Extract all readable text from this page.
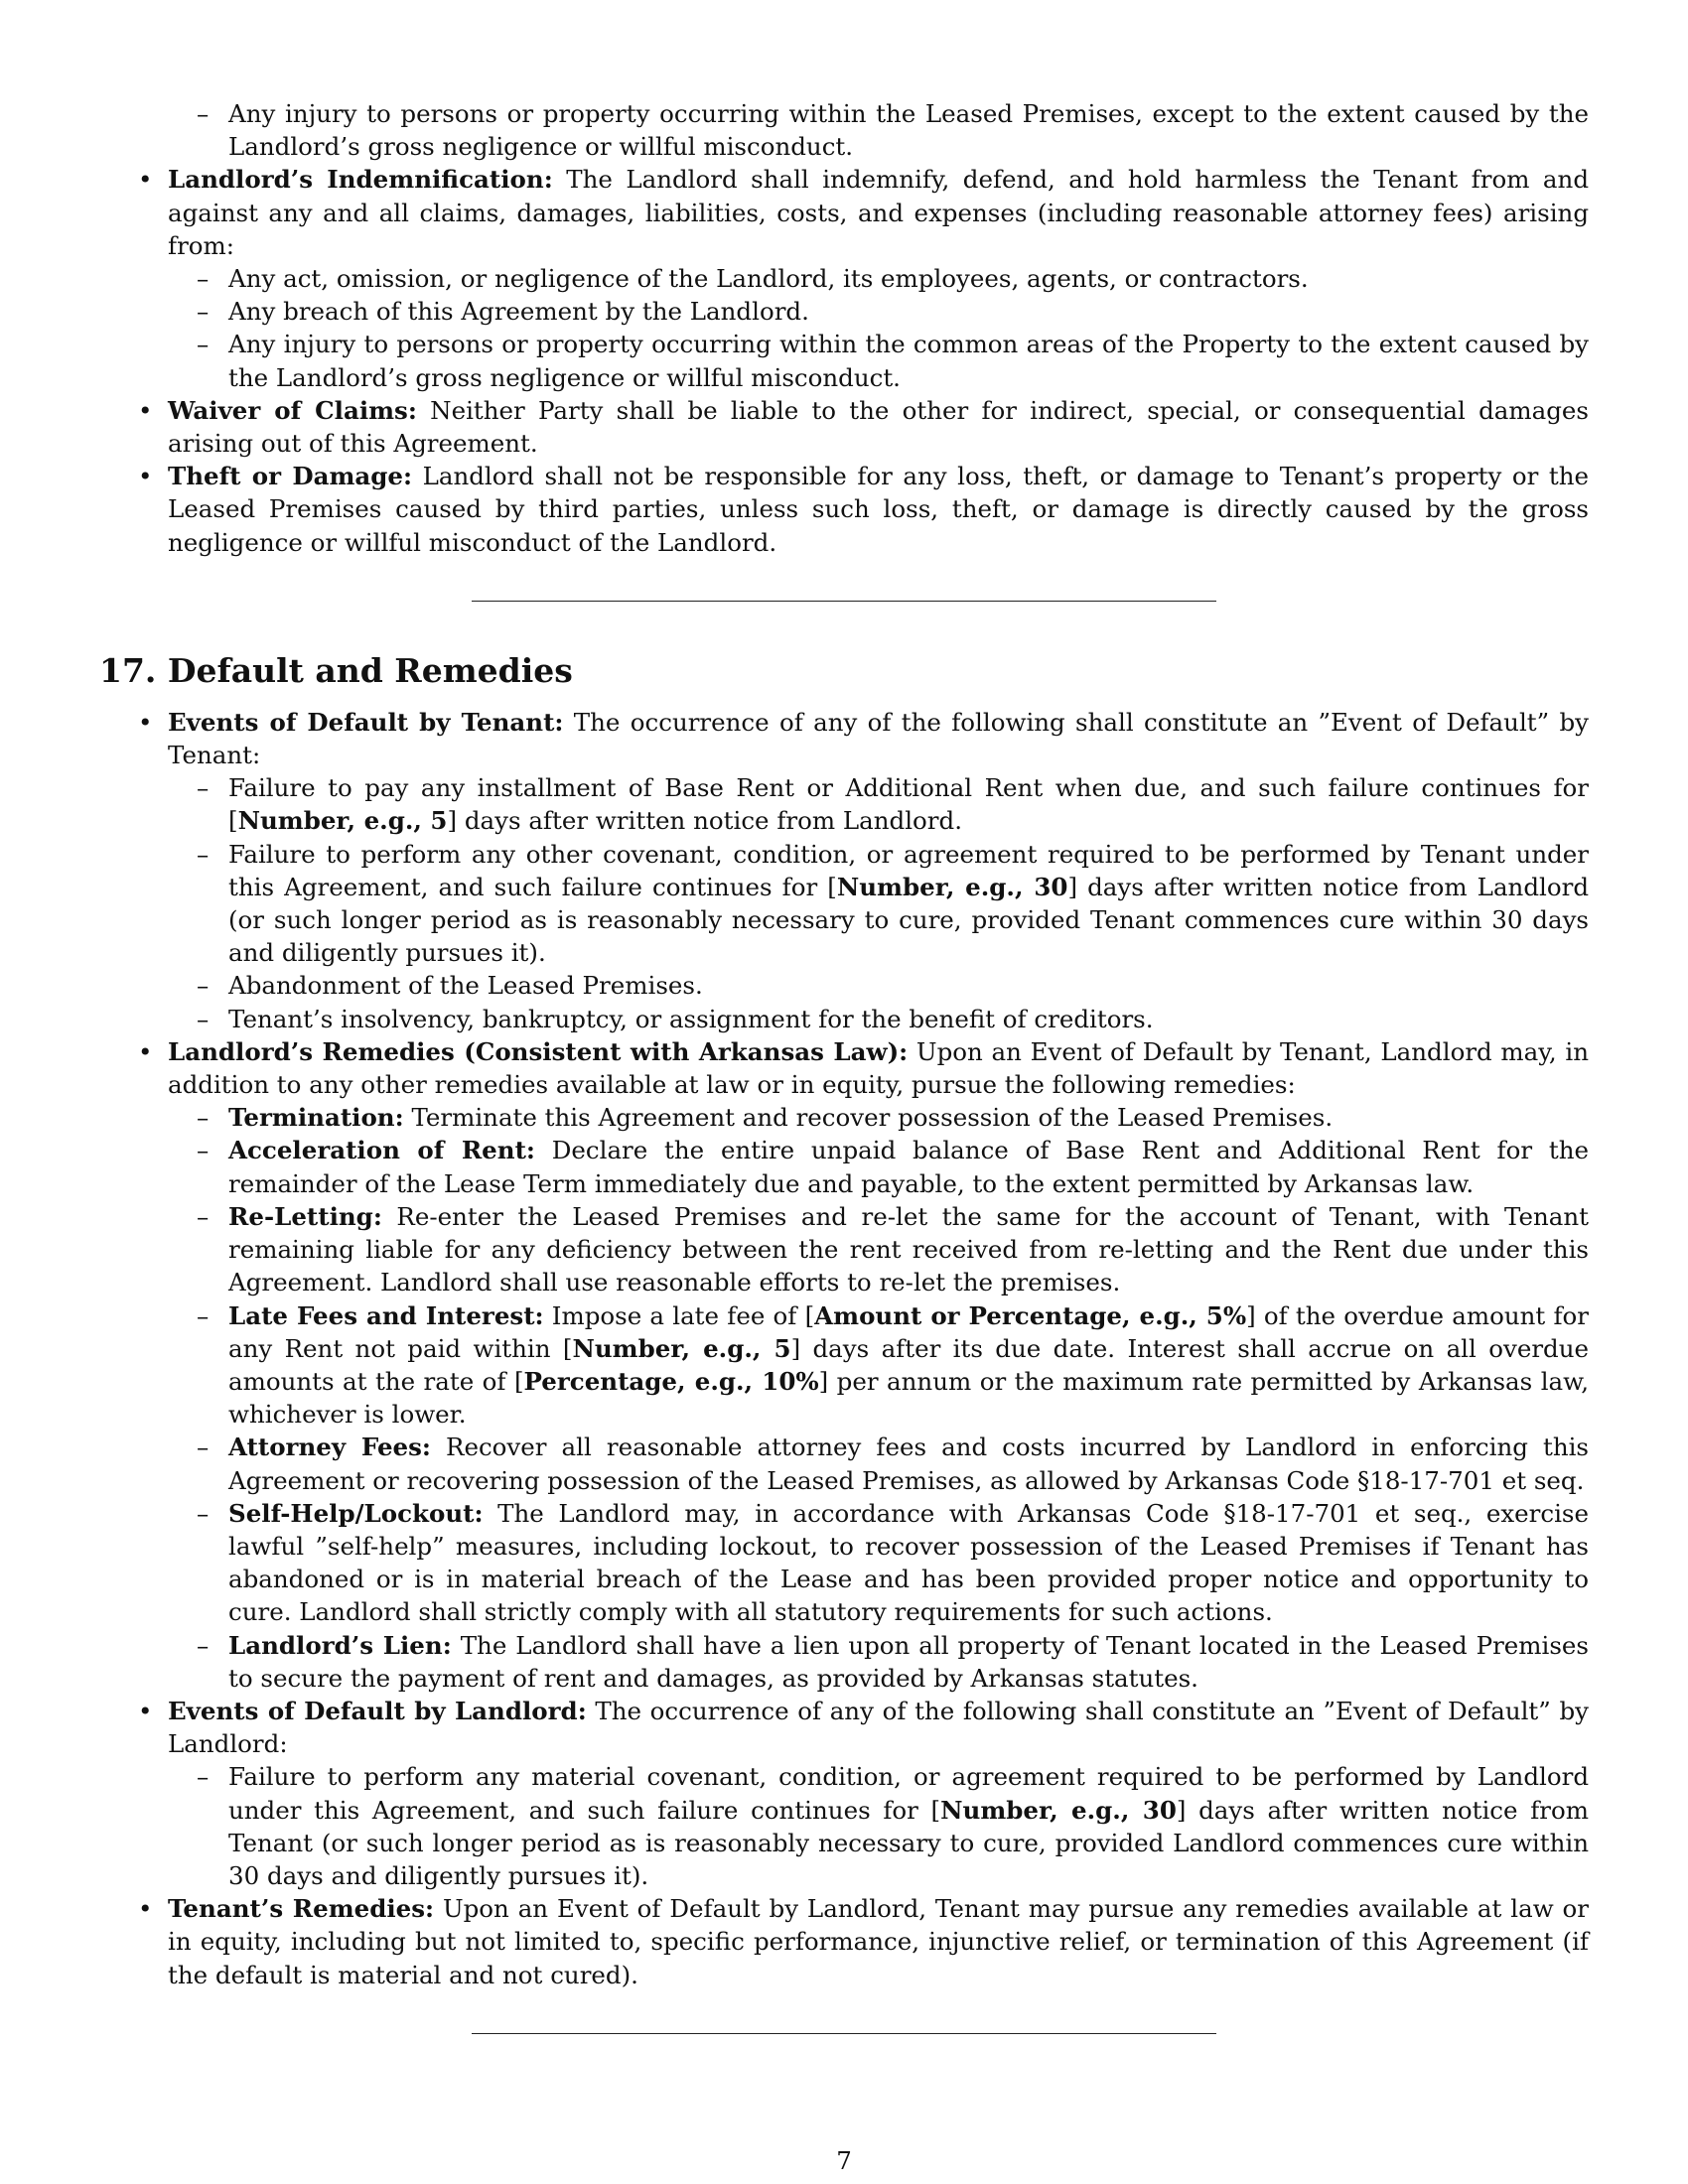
– Any injury to persons or property occurring within the Leased Premises, except to the extent caused by the Landlord’s gross negligence or willful misconduct.
• Landlord’s Indemnification: The Landlord shall indemnify, defend, and hold harmless the Tenant from and against any and all claims, damages, liabilities, costs, and expenses (including reasonable attorney fees) arising from:
– Any act, omission, or negligence of the Landlord, its employees, agents, or contractors.
– Any breach of this Agreement by the Landlord.
– Any injury to persons or property occurring within the common areas of the Property to the extent caused by the Landlord’s gross negligence or willful misconduct.
• Waiver of Claims: Neither Party shall be liable to the other for indirect, special, or consequential damages arising out of this Agreement.
• Theft or Damage: Landlord shall not be responsible for any loss, theft, or damage to Tenant’s property or the Leased Premises caused by third parties, unless such loss, theft, or damage is directly caused by the gross negligence or willful misconduct of the Landlord.
17. Default and Remedies
• Events of Default by Tenant: The occurrence of any of the following shall constitute an ”Event of Default” by Tenant:
– Failure to pay any installment of Base Rent or Additional Rent when due, and such failure continues for [Number, e.g., 5] days after written notice from Landlord.
– Failure to perform any other covenant, condition, or agreement required to be performed by Tenant under this Agreement, and such failure continues for [Number, e.g., 30] days after written notice from Landlord (or such longer period as is reasonably necessary to cure, provided Tenant commences cure within 30 days and diligently pursues it).
– Abandonment of the Leased Premises.
– Tenant’s insolvency, bankruptcy, or assignment for the benefit of creditors.
• Landlord’s Remedies (Consistent with Arkansas Law): Upon an Event of Default by Tenant, Landlord may, in addition to any other remedies available at law or in equity, pursue the following remedies:
– Termination: Terminate this Agreement and recover possession of the Leased Premises.
– Acceleration of Rent: Declare the entire unpaid balance of Base Rent and Additional Rent for the remainder of the Lease Term immediately due and payable, to the extent permitted by Arkansas law.
– Re-Letting: Re-enter the Leased Premises and re-let the same for the account of Tenant, with Tenant remaining liable for any deficiency between the rent received from re-letting and the Rent due under this Agreement. Landlord shall use reasonable efforts to re-let the premises.
– Late Fees and Interest: Impose a late fee of [Amount or Percentage, e.g., 5%] of the overdue amount for any Rent not paid within [Number, e.g., 5] days after its due date. Interest shall accrue on all overdue amounts at the rate of [Percentage, e.g., 10%] per annum or the maximum rate permitted by Arkansas law, whichever is lower.
– Attorney Fees: Recover all reasonable attorney fees and costs incurred by Landlord in enforcing this Agreement or recovering possession of the Leased Premises, as allowed by Arkansas Code §18-17-701 et seq.
– Self-Help/Lockout: The Landlord may, in accordance with Arkansas Code §18-17-701 et seq., exercise lawful ”self-help” measures, including lockout, to recover possession of the Leased Premises if Tenant has abandoned or is in material breach of the Lease and has been provided proper notice and opportunity to cure. Landlord shall strictly comply with all statutory requirements for such actions.
– Landlord’s Lien: The Landlord shall have a lien upon all property of Tenant located in the Leased Premises to secure the payment of rent and damages, as provided by Arkansas statutes.
• Events of Default by Landlord: The occurrence of any of the following shall constitute an ”Event of Default” by Landlord:
– Failure to perform any material covenant, condition, or agreement required to be performed by Landlord under this Agreement, and such failure continues for [Number, e.g., 30] days after written notice from Tenant (or such longer period as is reasonably necessary to cure, provided Landlord commences cure within 30 days and diligently pursues it).
• Tenant’s Remedies: Upon an Event of Default by Landlord, Tenant may pursue any remedies available at law or in equity, including but not limited to, specific performance, injunctive relief, or termination of this Agreement (if the default is material and not cured).
7
